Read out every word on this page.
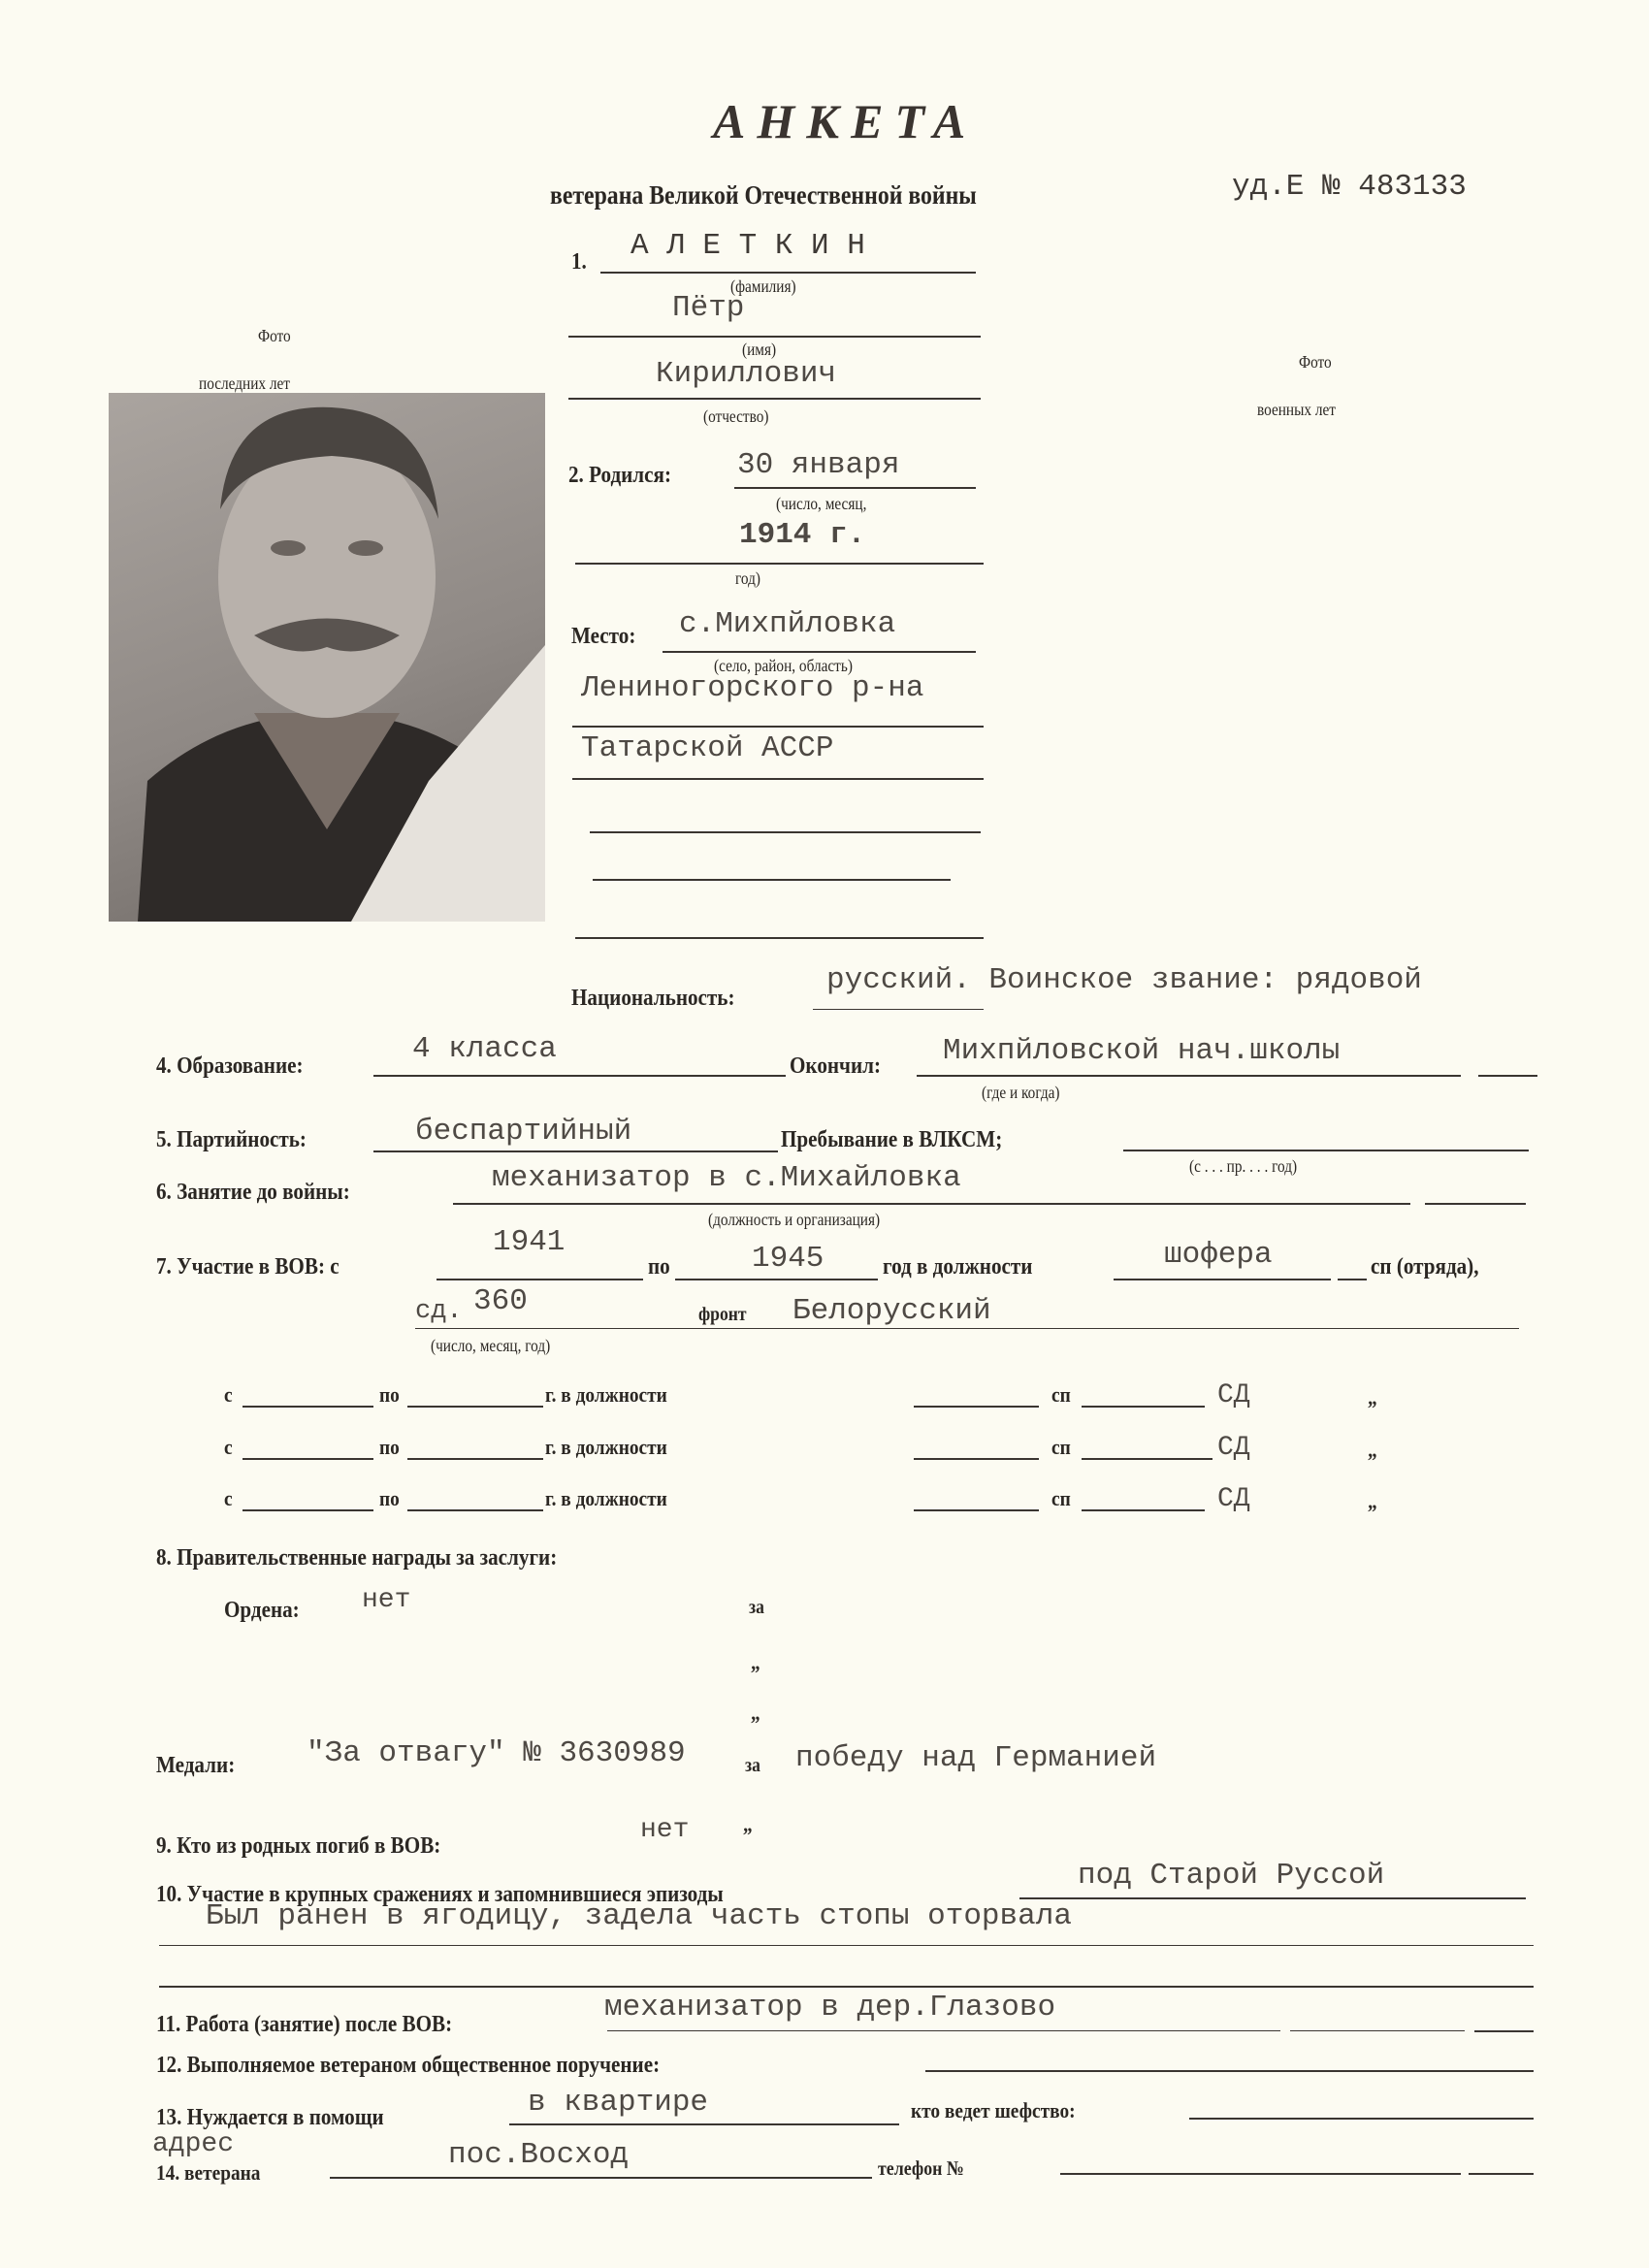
АНКЕТА
ветерана Великой Отечественной войны	уд.Е № 483133
Фото
последних лет
Фото
военных лет
1. А Л Е Т К И Н
(фамилия)
Пётр
(имя)
Кириллович
(отчество)
2. Родился: 30 января
(число, месяц,
1914 г.
год)
Место: с.Михпйловка
(село, район, область)
Лениногорского р-на
Татарской АССР
Национальность:
русский. Воинское звание: рядовой
4. Образование:	4 класса	Окончил: Михпйловской нач.школы
(где и когда)
5. Партийность:	беспартийный	Пребывание в ВЛКСМ;
(с . . . пр. . . . год)
6. Занятие до войны:	механизатор в с.Михайловка
(должность и организация)
7. Участие в ВОВ: с
1941
по	1945	год в должности	шофера	сп (отряда),
сд. 360	фронт Белорусский
(число, месяц, год)
с	по	г. в должности	сп	СД	„
с	по	г. в должности	сп	СД	„
с	по	г. в должности	сп	СД	„
8. Правительственные награды за заслуги:
Ордена: нет	за
„
„
Медали: "За отвагу" № 3630989	за победу над Германией
9. Кто из родных погиб в ВОВ:
нет	„
10. Участие в крупных сражениях и запомнившиеся эпизоды
под Старой Руссой
Был ранен в ягодицу, задела часть стопы оторвала
11. Работа (занятие) после ВОВ:	механизатор в дер.Глазово
12. Выполняемое ветераном общественное поручение:
13. Нуждается в помощи	в квартире	кто ведет шефство:
адрес
14. ветерана
пос.Восход	телефон №
